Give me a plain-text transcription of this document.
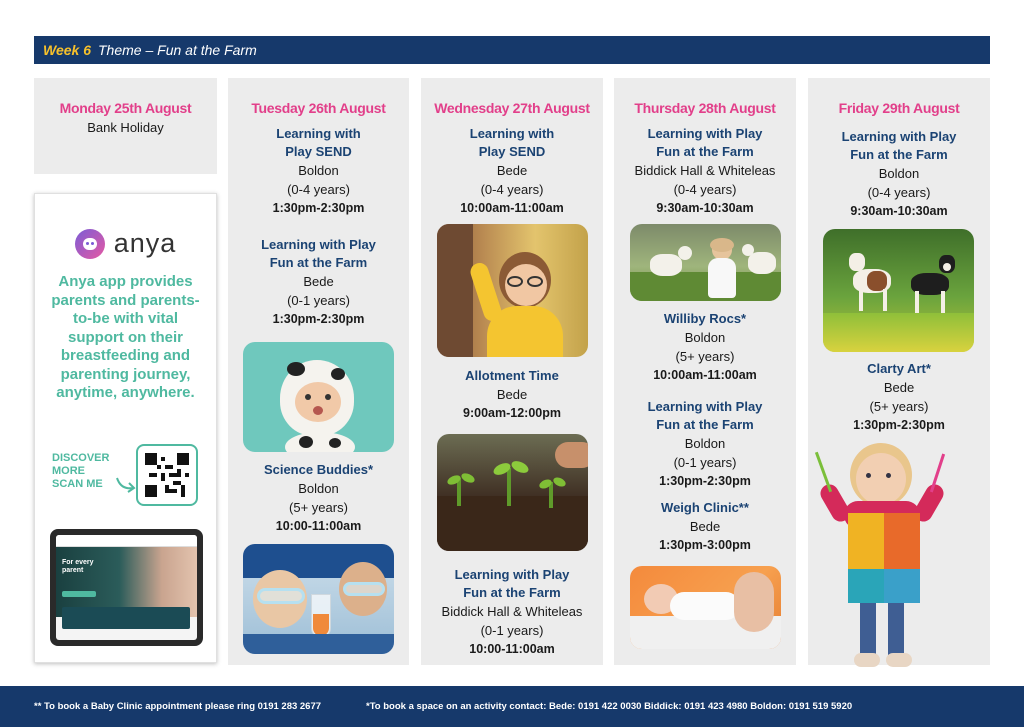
Week 6 Theme – Fun at the Farm
Monday 25th August
Bank Holiday
anya
Anya app provides parents and parents-to-be with vital support on their breastfeeding and parenting journey, anytime, anywhere.
DISCOVER
MORE
SCAN ME
For every
parent
Tuesday 26th August
Learning with
Play SEND
Boldon
(0-4 years)
1:30pm-2:30pm
Learning with Play
Fun at the Farm
Bede
(0-1 years)
1:30pm-2:30pm
Science Buddies*
Boldon
(5+ years)
10:00-11:00am
Wednesday 27th August
Learning with
Play SEND
Bede
(0-4 years)
10:00am-11:00am
Allotment Time
Bede
9:00am-12:00pm
Learning with Play
Fun at the Farm
Biddick Hall & Whiteleas
(0-1 years)
10:00-11:00am
Thursday 28th August
Learning with Play
Fun at the Farm
Biddick Hall & Whiteleas
(0-4 years)
9:30am-10:30am
Williby Rocs*
Boldon
(5+ years)
10:00am-11:00am
Learning with Play
Fun at the Farm
Boldon
(0-1 years)
1:30pm-2:30pm
Weigh Clinic**
Bede
1:30pm-3:00pm
Friday 29th August
Learning with Play
Fun at the Farm
Boldon
(0-4 years)
9:30am-10:30am
Clarty Art*
Bede
(5+ years)
1:30pm-2:30pm
** To book a Baby Clinic appointment please ring 0191 283 2677	*To book a space on an activity contact: Bede: 0191 422 0030 Biddick: 0191 423 4980 Boldon: 0191 519 5920
